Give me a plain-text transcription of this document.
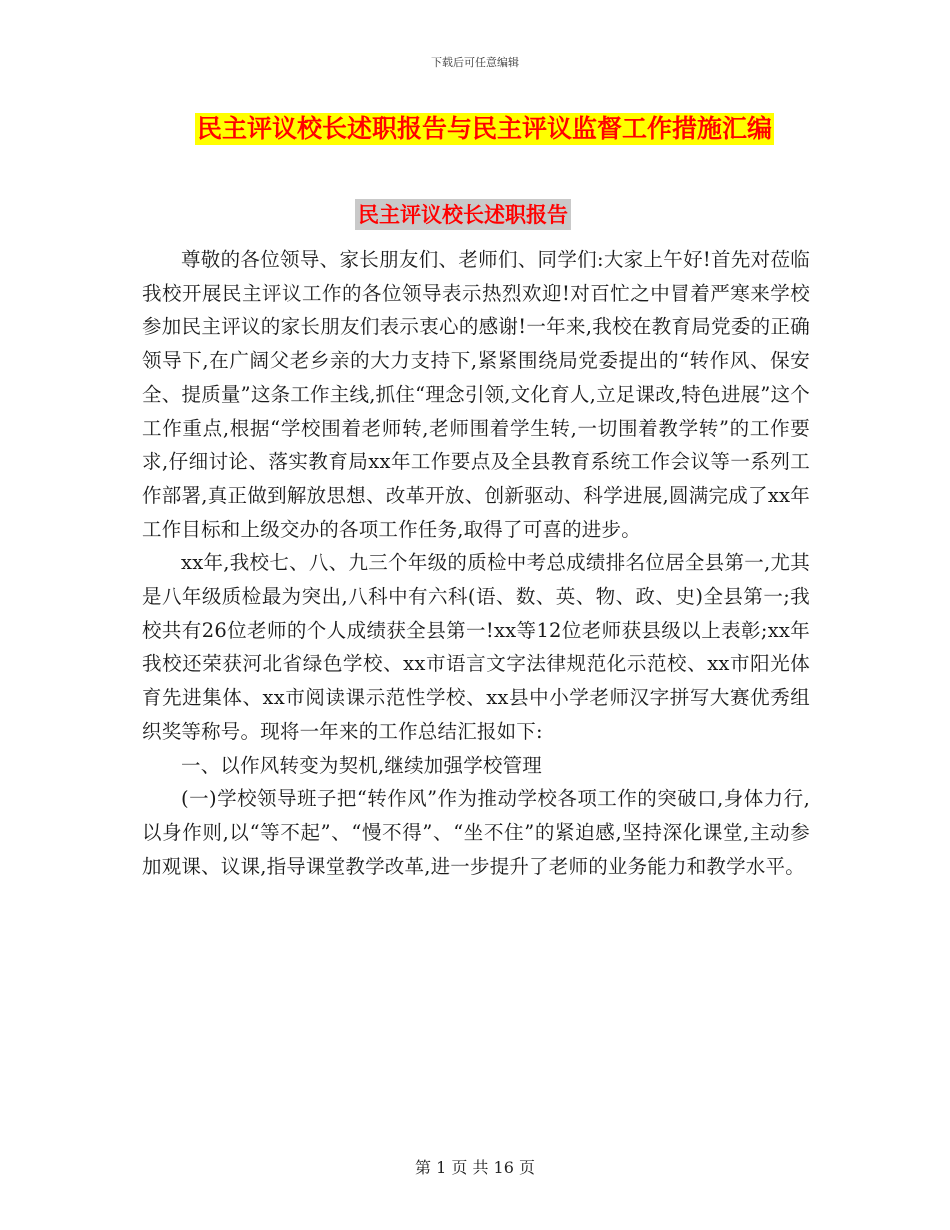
下载后可任意编辑
民主评议校长述职报告与民主评议监督工作措施汇编
民主评议校长述职报告

尊敬的各位领导、家长朋友们、老师们、同学们:大家上午好!首先对莅临我校开展民主评议工作的各位领导表示热烈欢迎!对百忙之中冒着严寒来学校参加民主评议的家长朋友们表示衷心的感谢!一年来,我校在教育局党委的正确领导下,在广阔父老乡亲的大力支持下,紧紧围绕局党委提出的“转作风、保安全、提质量”这条工作主线,抓住“理念引领,文化育人,立足课改,特色进展”这个工作重点,根据“学校围着老师转,老师围着学生转,一切围着教学转”的工作要求,仔细讨论、落实教育局xx年工作要点及全县教育系统工作会议等一系列工作部署,真正做到解放思想、改革开放、创新驱动、科学进展,圆满完成了xx年工作目标和上级交办的各项工作任务,取得了可喜的进步。

xx年,我校七、八、九三个年级的质检中考总成绩排名位居全县第一,尤其是八年级质检最为突出,八科中有六科(语、数、英、物、政、史)全县第一;我校共有26位老师的个人成绩获全县第一!xx等12位老师获县级以上表彰;xx年我校还荣获河北省绿色学校、xx市语言文字法律规范化示范校、xx市阳光体育先进集体、xx市阅读课示范性学校、xx县中小学老师汉字拼写大赛优秀组织奖等称号。现将一年来的工作总结汇报如下:

一、以作风转变为契机,继续加强学校管理

(一)学校领导班子把“转作风”作为推动学校各项工作的突破口,身体力行,以身作则,以“等不起”、“慢不得”、“坐不住”的紧迫感,坚持深化课堂,主动参加观课、议课,指导课堂教学改革,进一步提升了老师的业务能力和教学水平。

第 1 页 共 16 页
